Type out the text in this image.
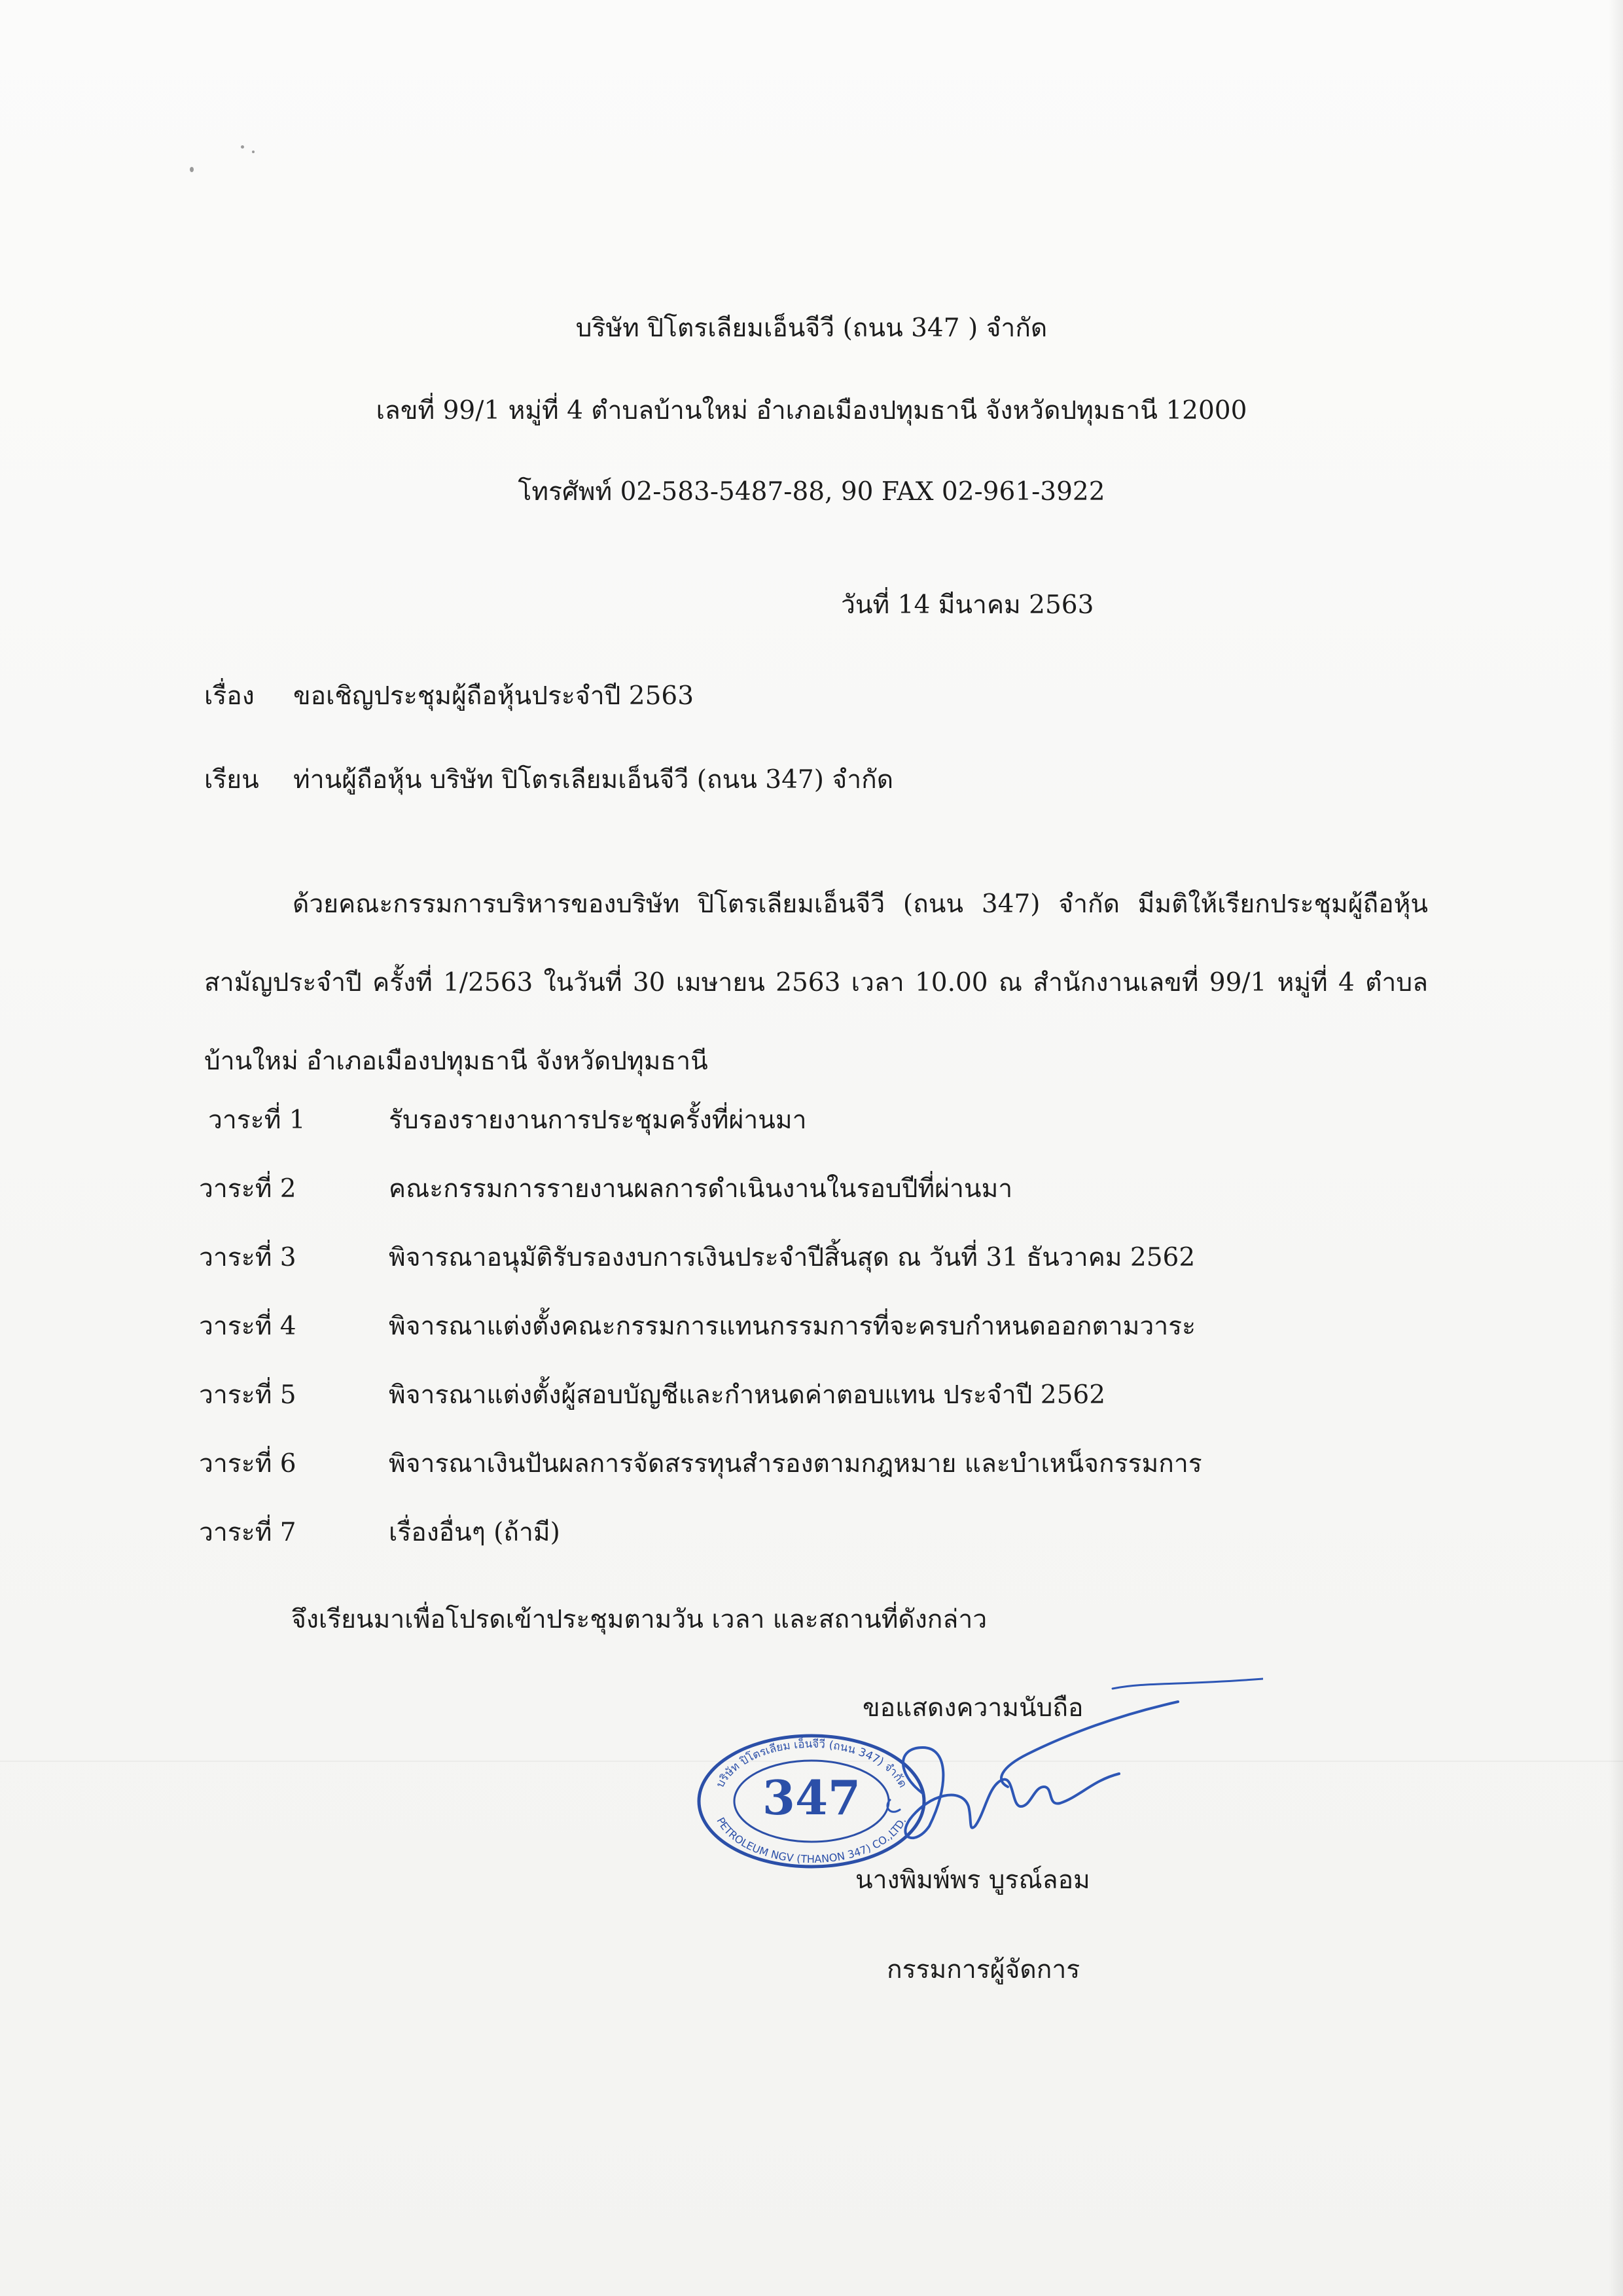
บริษัท ปิโตรเลียมเอ็นจีวี (ถนน 347 ) จำกัด
เลขที่ 99/1 หมู่ที่ 4 ตำบลบ้านใหม่ อำเภอเมืองปทุมธานี จังหวัดปทุมธานี 12000
โทรศัพท์ 02-583-5487-88, 90 FAX 02-961-3922
วันที่ 14 มีนาคม 2563
เรื่อง ขอเชิญประชุมผู้ถือหุ้นประจำปี 2563
เรียน ท่านผู้ถือหุ้น บริษัท ปิโตรเลียมเอ็นจีวี (ถนน 347) จำกัด
ด้วยคณะกรรมการบริหารของบริษัท ปิโตรเลียมเอ็นจีวี (ถนน 347) จำกัด มีมติให้เรียกประชุมผู้ถือหุ้นสามัญประจำปี ครั้งที่ 1/2563 ในวันที่ 30 เมษายน 2563 เวลา 10.00 ณ สำนักงานเลขที่ 99/1 หมู่ที่ 4 ตำบลบ้านใหม่ อำเภอเมืองปทุมธานี จังหวัดปทุมธานี
วาระที่ 1	รับรองรายงานการประชุมครั้งที่ผ่านมา
วาระที่ 2	คณะกรรมการรายงานผลการดำเนินงานในรอบปีที่ผ่านมา
วาระที่ 3	พิจารณาอนุมัติรับรองงบการเงินประจำปีสิ้นสุด ณ วันที่ 31 ธันวาคม 2562
วาระที่ 4	พิจารณาแต่งตั้งคณะกรรมการแทนกรรมการที่จะครบกำหนดออกตามวาระ
วาระที่ 5	พิจารณาแต่งตั้งผู้สอบบัญชีและกำหนดค่าตอบแทน ประจำปี 2562
วาระที่ 6	พิจารณาเงินปันผลการจัดสรรทุนสำรองตามกฎหมาย และบำเหน็จกรรมการ
วาระที่ 7	เรื่องอื่นๆ (ถ้ามี)
จึงเรียนมาเพื่อโปรดเข้าประชุมตามวัน เวลา และสถานที่ดังกล่าว
ขอแสดงความนับถือ
บริษัท ปิโตรเลียม เอ็นจีวี (ถนน 347) จำกัด
PETROLEUM NGV (THANON 347) CO.,LTD.
347
นางพิมพ์พร บูรณ์ลอม
กรรมการผู้จัดการ
